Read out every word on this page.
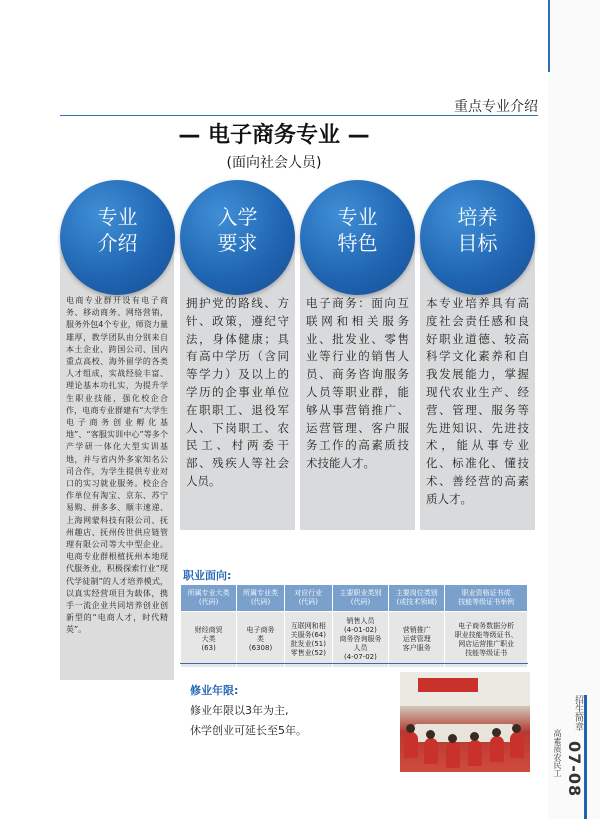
重点专业介绍
— 电子商务专业 —
(面向社会人员)
电商专业群开设有电子商务、移动商务、网络营销，服务外包4个专业，师资力量雄厚，教学团队由分别来自本土企业、跨国公司、国内重点高校、海外留学的各类人才组成，实战经验丰富、理论基本功扎实，为提升学生职业技能，强化校企合作，电商专业群建有“大学生电子商务创业孵化基地”、“客服实训中心”等多个产学研一体化大型实训基地，并与省内外多家知名公司合作，为学生提供专业对口的实习就业服务。校企合作单位有淘宝、京东、苏宁易购、拼多多、顺丰速递、上海网蒙科技有限公司、抚州趣店、抚州传世供应链管理有限公司等大中型企业。电商专业群根植抚州本地现代服务业，积极探索行业“现代学徒制”的人才培养模式，以真实经营项目为载体，携手一流企业共同培养创业创新型的“电商人才，时代精英”。
专业
介绍
拥护党的路线、方针、政策，遵纪守法，身体健康；具有高中学历（含同等学力）及以上的学历的企事业单位在职职工、退役军人、下岗职工、农民工、村两委干部、残疾人等社会人员。
入学
要求
电子商务：面向互联网和相关服务业、批发业、零售业等行业的销售人员、商务咨询服务人员等职业群，能够从事营销推广、运营管理、客户服务工作的高素质技术技能人才。
专业
特色
本专业培养具有高度社会责任感和良好职业道德、较高科学文化素养和自我发展能力，掌握现代农业生产、经营、管理、服务等先进知识、先进技术，能从事专业化、标准化、懂技术、善经营的高素质人才。
培养
目标
职业面向:
所属专业大类
(代码)	所属专业类
(代码)	对应行业
(代码)	主要职业类别
(代码)	主要岗位类别
(或技术领域)	职业资格证书或
技能等级证书举例
财经商贸
大类
(63)	电子商务
类
(6308)	互联网和相
关服务(64)
批发业(51)
零售业(52)	销售人员
(4-01-02)
商务咨询服务
人员
(4-07-02)	营销推广
运营管理
客户服务	电子商务数据分析
职业技能等级证书、
网店运营推广职业
技能等级证书
修业年限:
修业年限以3年为主,
休学创业可延长至5年。	招生简章
07-08
高素质农民工
